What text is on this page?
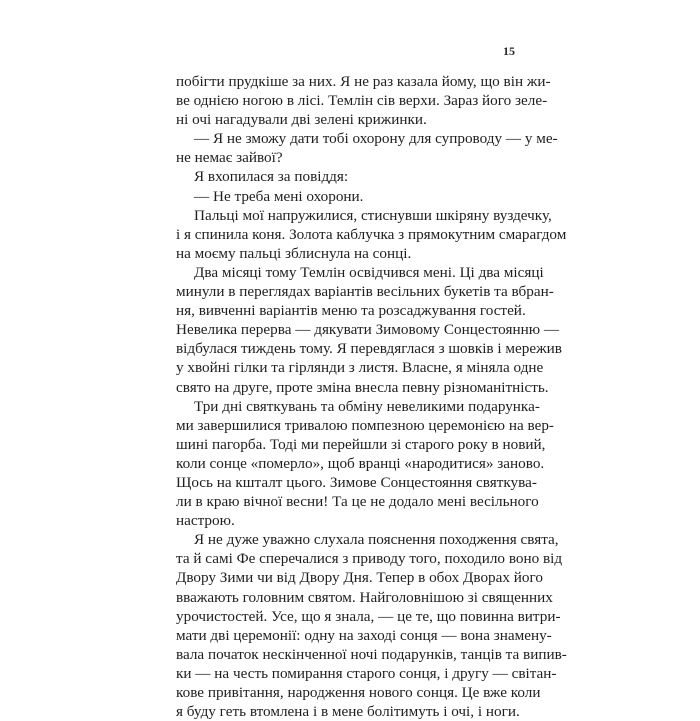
15
побігти прудкіше за них. Я не раз казала йому, що він жи-
ве однією ногою в лісі. Темлін сів верхи. Зараз його зеле-
ні очі нагадували дві зелені крижинки.
— Я не зможу дати тобі охорону для супроводу — у ме-
не немає зайвої?
Я вхопилася за повіддя:
— Не треба мені охорони.
Пальці мої напружилися, стиснувши шкіряну вуздечку,
і я спинила коня. Золота каблучка з прямокутним смарагдом
на моєму пальці зблиснула на сонці.
Два місяці тому Темлін освідчився мені. Ці два місяці
минули в переглядах варіантів весільних букетів та вбран-
ня, вивченні варіантів меню та розсаджування гостей.
Невелика перерва — дякувати Зимовому Сонцестоянню —
відбулася тиждень тому. Я перевдяглася з шовків і мережив
у хвойні гілки та гірлянди з листя. Власне, я міняла одне
свято на друге, проте зміна внесла певну різноманітність.
Три дні святкувань та обміну невеликими подарунка-
ми завершилися тривалою помпезною церемонією на вер-
шині пагорба. Тоді ми перейшли зі старого року в новий,
коли сонце «померло», щоб вранці «народитися» заново.
Щось на кшталт цього. Зимове Сонцестояння святкува-
ли в краю вічної весни! Та це не додало мені весільного
настрою.
Я не дуже уважно слухала пояснення походження свята,
та й самі Фе сперечалися з приводу того, походило воно від
Двору Зими чи від Двору Дня. Тепер в обох Дворах його
вважають головним святом. Найголовнішою зі священних
урочистостей. Усе, що я знала, — це те, що повинна витри-
мати дві церемонії: одну на заході сонця — вона знамену-
вала початок нескінченної ночі подарунків, танців та випив-
ки — на честь помирання старого сонця, і другу — світан-
кове привітання, народження нового сонця. Це вже коли
я буду геть втомлена і в мене болітимуть і очі, і ноги.
